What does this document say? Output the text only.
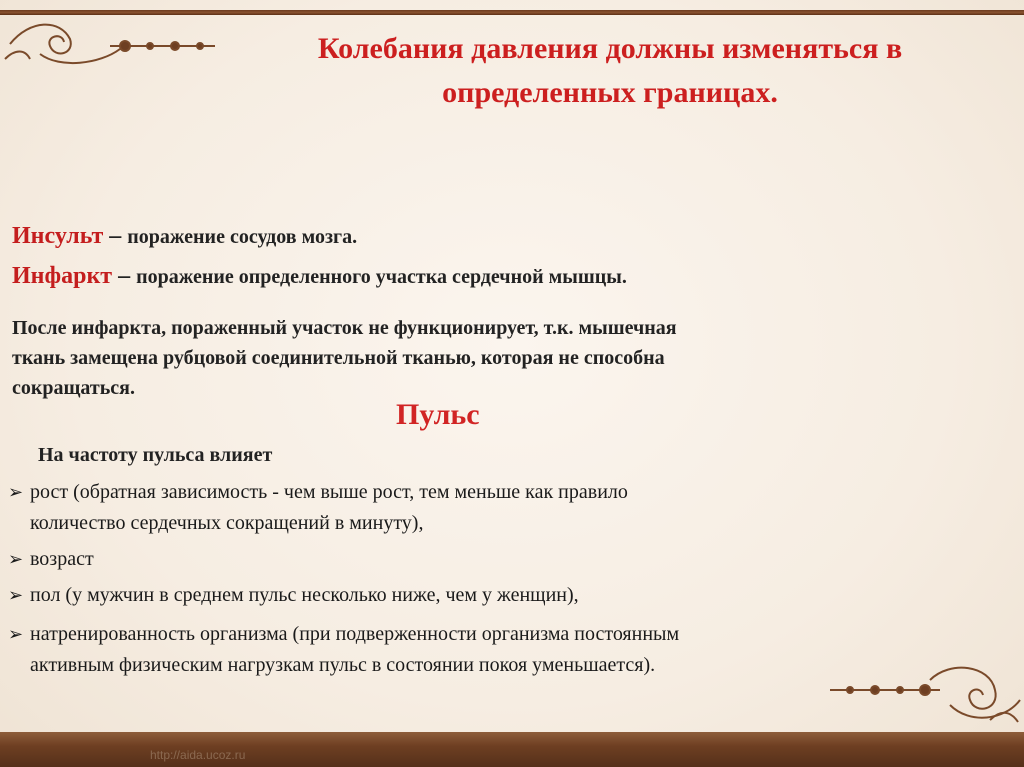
Колебания давления должны изменяться в
определенных границах.

Инсульт – поражение сосудов мозга.

Инфаркт – поражение определенного участка сердечной мышцы.

После инфаркта, пораженный участок не функционирует, т.к. мышечная
ткань замещена рубцовой соединительной тканью, которая не способна
сокращаться.

Пульс

На частоту пульса влияет

➢ рост (обратная зависимость - чем выше рост, тем меньше как правило
количество сердечных сокращений в минуту),
➢ возраст
➢ пол (у мужчин в среднем пульс несколько ниже, чем у женщин),
➢ натренированность организма (при подверженности организма постоянным
активным физическим нагрузкам пульс в состоянии покоя уменьшается).
http://aida.ucoz.ru
